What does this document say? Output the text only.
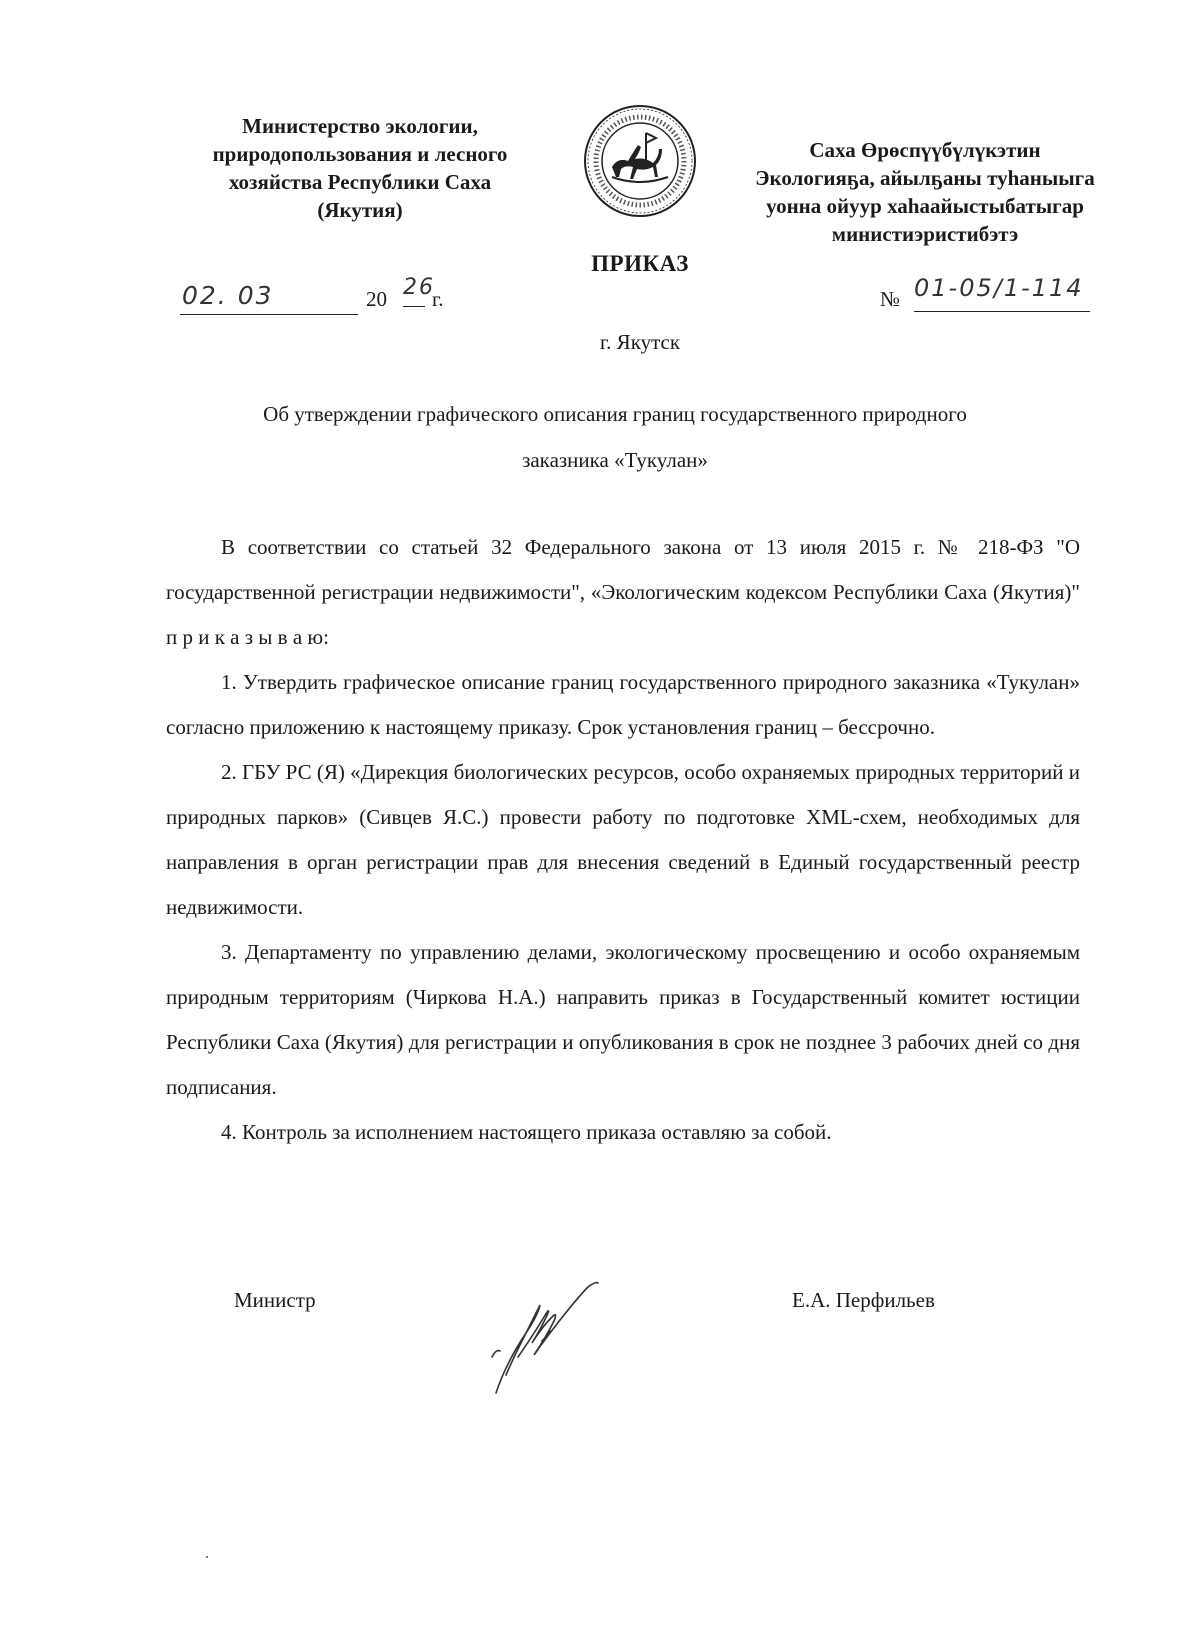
Министерство экологии,
природопользования и лесного
хозяйства Республики Саха
(Якутия)
Саха Өрөспүүбүлүкэтин
Экологияҕа, айылҕаны туһаныыга
уонна ойуур хаһаайыстыбатыгар
министиэристибэтэ
ПРИКАЗ
02. 03	20 26
г.	№ 01-05/1-114
г. Якутск
Об утверждении графического описания границ государственного природного
заказника «Тукулан»

В соответствии со статьей 32 Федерального закона от 13 июля 2015 г. № 218-ФЗ "О государственной регистрации недвижимости", «Экологическим кодексом Республики Саха (Якутия)" п р и к а з ы в а ю:

1. Утвердить графическое описание границ государственного природного заказника «Тукулан» согласно приложению к настоящему приказу. Срок установления границ – бессрочно.

2. ГБУ РС (Я) «Дирекция биологических ресурсов, особо охраняемых природных территорий и природных парков» (Сивцев Я.С.) провести работу по подготовке XML-схем, необходимых для направления в орган регистрации прав для внесения сведений в Единый государственный реестр недвижимости.

3. Департаменту по управлению делами, экологическому просвещению и особо охраняемым природным территориям (Чиркова Н.А.) направить приказ в Государственный комитет юстиции Республики Саха (Якутия) для регистрации и опубликования в срок не позднее 3 рабочих дней со дня подписания.

4. Контроль за исполнением настоящего приказа оставляю за собой.

Министр	Е.А. Перфильев
